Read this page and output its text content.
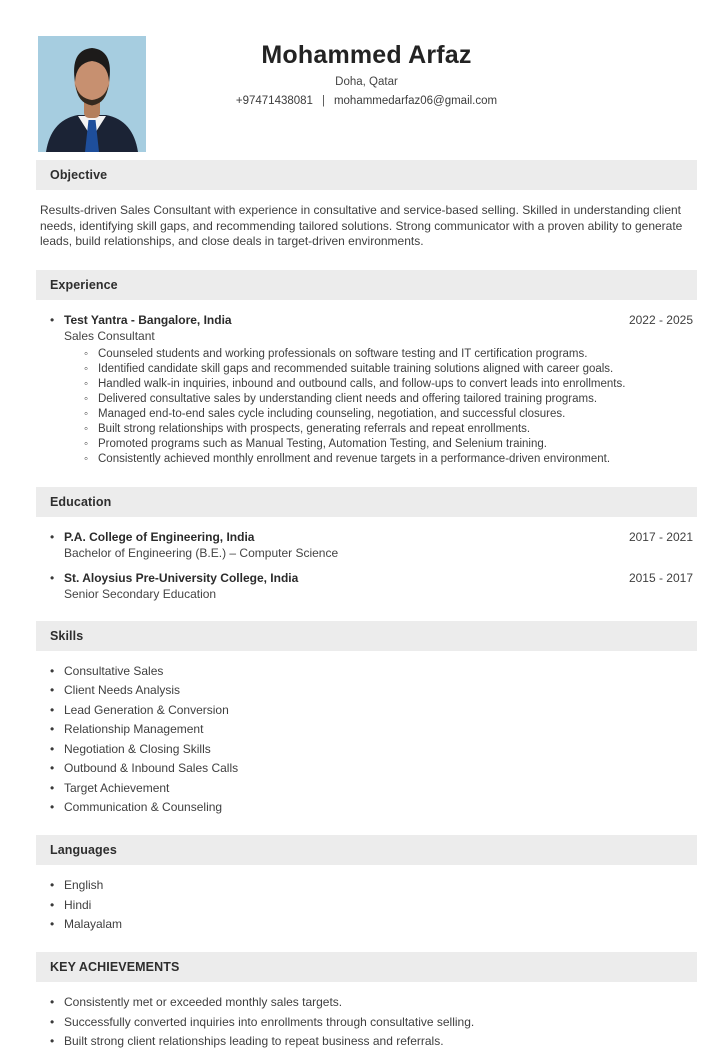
Mohammed Arfaz
Doha, Qatar
+97471438081 | mohammedarfaz06@gmail.com
Objective

Results-driven Sales Consultant with experience in consultative and service-based selling. Skilled in understanding client needs, identifying skill gaps, and recommending tailored solutions. Strong communicator with a proven ability to generate leads, build relationships, and close deals in target-driven environments.

Experience
• Test Yantra - Bangalore, India	2022 - 2025
Sales Consultant
◦ Counseled students and working professionals on software testing and IT certification programs.
◦ Identified candidate skill gaps and recommended suitable training solutions aligned with career goals.
◦ Handled walk-in inquiries, inbound and outbound calls, and follow-ups to convert leads into enrollments.
◦ Delivered consultative sales by understanding client needs and offering tailored training programs.
◦ Managed end-to-end sales cycle including counseling, negotiation, and successful closures.
◦ Built strong relationships with prospects, generating referrals and repeat enrollments.
◦ Promoted programs such as Manual Testing, Automation Testing, and Selenium training.
◦ Consistently achieved monthly enrollment and revenue targets in a performance-driven environment.
Education
• P.A. College of Engineering, India	2017 - 2021
Bachelor of Engineering (B.E.) – Computer Science
• St. Aloysius Pre-University College, India	2015 - 2017
Senior Secondary Education
Skills
• Consultative Sales
• Client Needs Analysis
• Lead Generation & Conversion
• Relationship Management
• Negotiation & Closing Skills
• Outbound & Inbound Sales Calls
• Target Achievement
• Communication & Counseling
Languages
• English
• Hindi
• Malayalam
KEY ACHIEVEMENTS
• Consistently met or exceeded monthly sales targets.
• Successfully converted inquiries into enrollments through consultative selling.
• Built strong client relationships leading to repeat business and referrals.
